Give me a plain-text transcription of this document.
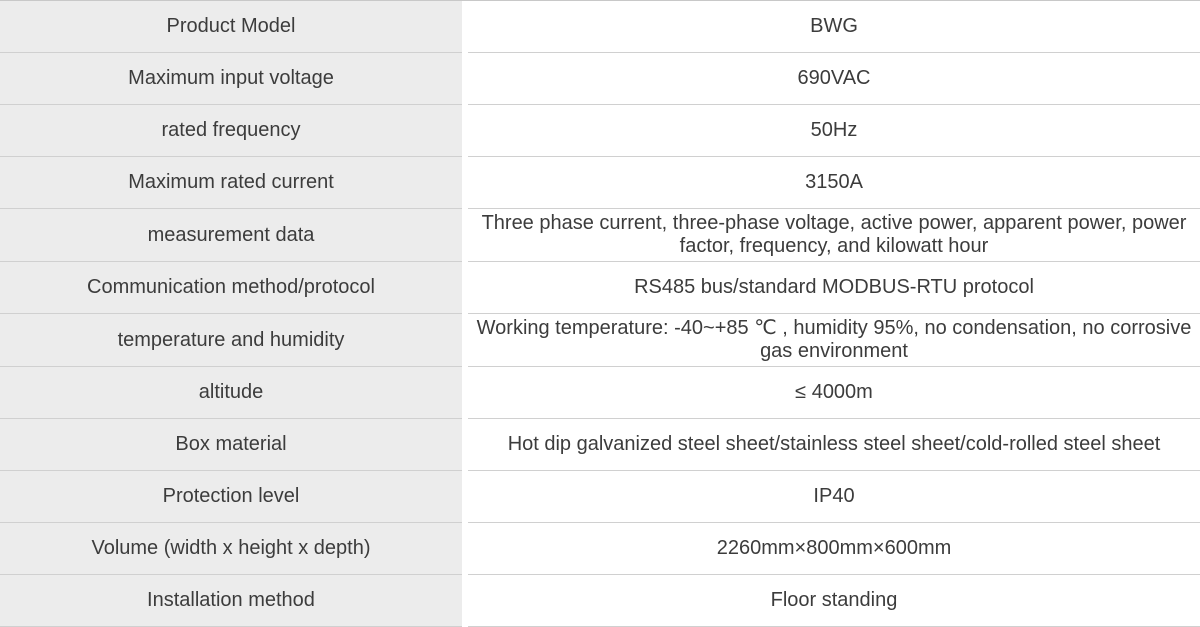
Product Model		BWG
Maximum input voltage		690VAC
rated frequency		50Hz
Maximum rated current		3150A
measurement data		Three phase current, three-phase voltage, active power, apparent power, power factor, frequency, and kilowatt hour
Communication method/protocol		RS485 bus/standard MODBUS-RTU protocol
temperature and humidity		Working temperature: -40~+85 ℃ , humidity 95%, no condensation, no corrosive gas environment
altitude		≤ 4000m
Box material		Hot dip galvanized steel sheet/stainless steel sheet/cold-rolled steel sheet
Protection level		IP40
Volume (width x height x depth)		2260mm×800mm×600mm
Installation method		Floor standing
